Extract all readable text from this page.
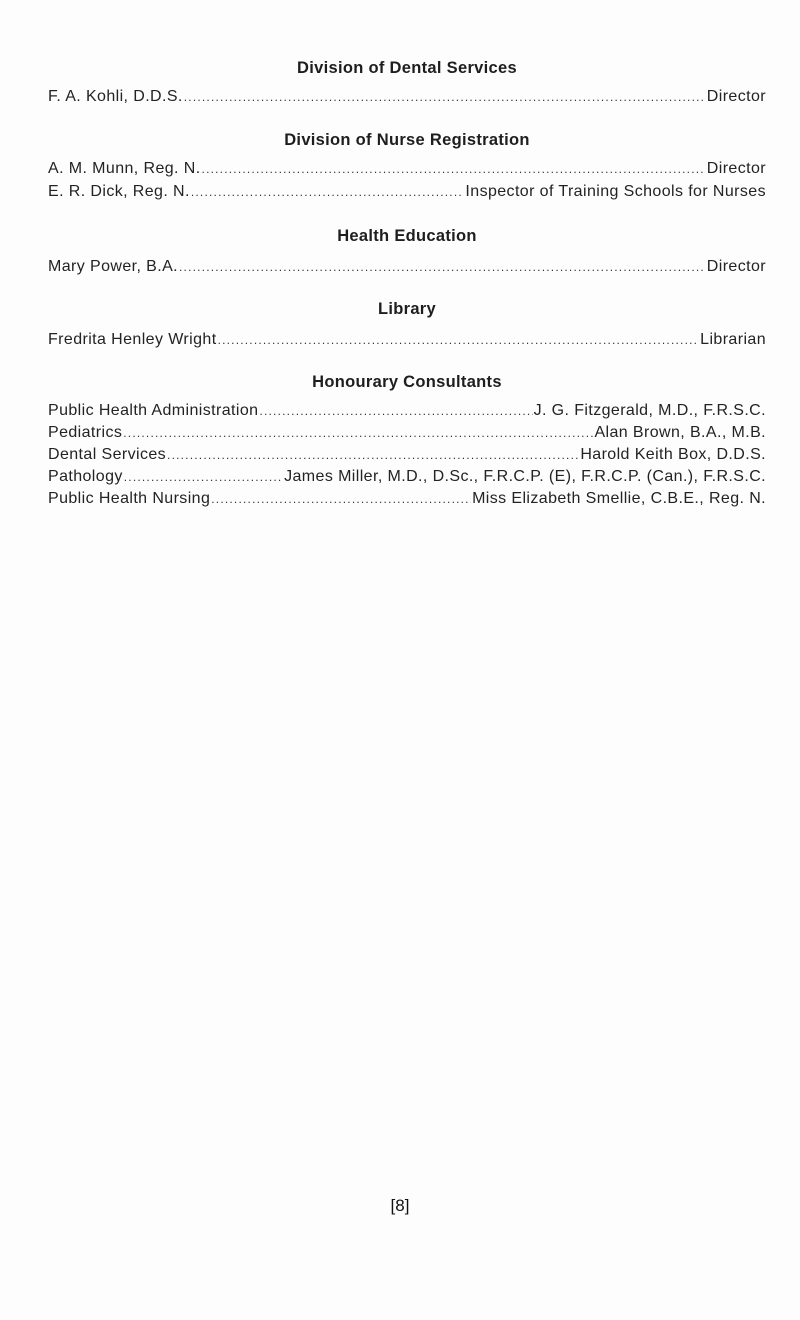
Division of Dental Services
F. A. Kohli, D.D.S. .....	Director
Division of Nurse Registration
A. M. Munn, Reg. N. .....	Director
E. R. Dick, Reg. N. .....	Inspector of Training Schools for Nurses
Health Education
Mary Power, B.A. .....	Director
Library
Fredrita Henley Wright .....	Librarian
Honourary Consultants
Public Health Administration .....	J. G. Fitzgerald, M.D., F.R.S.C.
Pediatrics .....	Alan Brown, B.A., M.B.
Dental Services .....	Harold Keith Box, D.D.S.
Pathology .....	James Miller, M.D., D.Sc., F.R.C.P. (E), F.R.C.P. (Can.), F.R.S.C.
Public Health Nursing .....	Miss Elizabeth Smellie, C.B.E., Reg. N.
[8]
